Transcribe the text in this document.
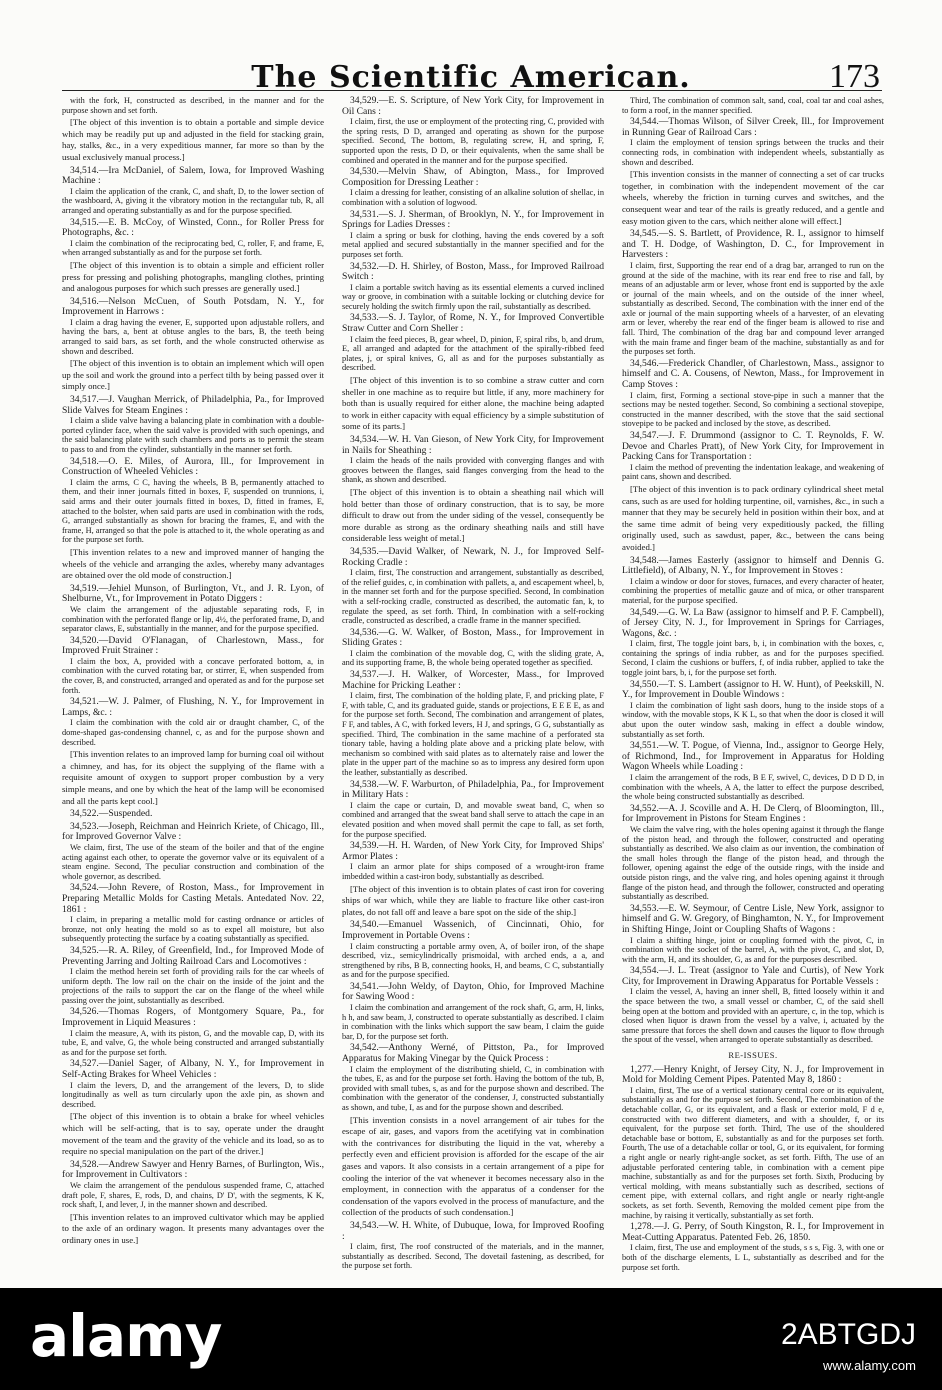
The Scientific American.	173

with the fork, H, constructed as described, in the manner and for the purpose shown and set forth.

[The object of this invention is to obtain a portable and simple device which may be readily put up and adjusted in the field for stacking grain, hay, stalks, &c., in a very expeditious manner, far more so than by the usual exclusively manual process.]

34,514.—Ira McDaniel, of Salem, Iowa, for Improved Washing Machine :

I claim the application of the crank, C, and shaft, D, to the lower section of the washboard, A, giving it the vibratory motion in the rectangular tub, R, all arranged and operating substantially as and for the purpose specified.

34,515.—E. B. McCoy, of Winsted, Conn., for Roller Press for Photographs, &c. :

I claim the combination of the reciprocating bed, C, roller, F, and frame, E, when arranged substantially as and for the purpose set forth.

[The object of this invention is to obtain a simple and efficient roller press for pressing and polishing photographs, mangling clothes, printing and analogous purposes for which such presses are generally used.]

34,516.—Nelson McCuen, of South Potsdam, N. Y., for Improvement in Harrows :

I claim a drag having the evener, E, supported upon adjustable rollers, and having the bars, a, bent at obtuse angles to the bars, B, the teeth being arranged to said bars, as set forth, and the whole constructed otherwise as shown and described.

[The object of this invention is to obtain an implement which will open up the soil and work the ground into a perfect tilth by being passed over it simply once.]

34,517.—J. Vaughan Merrick, of Philadelphia, Pa., for Improved Slide Valves for Steam Engines :

I claim a slide valve having a balancing plate in combination with a double-ported cylinder face, when the said valve is provided with such openings, and the said balancing plate with such chambers and ports as to permit the steam to pass to and from the cylinder, substantially in the manner set forth.

34,518.—O. E. Miles, of Aurora, Ill., for Improvement in Construction of Wheeled Vehicles :

I claim the arms, C C, having the wheels, B B, permanently attached to them, and their inner journals fitted in boxes, F, suspended on trunnions, i, said arms and their outer journals fitted in boxes, D, fitted in frames, E, attached to the bolster, when said parts are used in combination with the rods, G, arranged substantially as shown for bracing the frames, E, and with the frame, H, arranged so that the pole is attached to it, the whole operating as and for the purpose set forth.

[This invention relates to a new and improved manner of hanging the wheels of the vehicle and arranging the axles, whereby many advantages are obtained over the old mode of construction.]

34,519.—Jehiel Munson, of Burlington, Vt., and J. R. Lyon, of Shelburne, Vt., for Improvement in Potato Diggers :

We claim the arrangement of the adjustable separating rods, F, in combination with the perforated flange or lip, 4½, the perforated frame, D, and separator claws, E, substantially in the manner, and for the purpose specified.

34,520.—David O'Flanagan, of Charlestown, Mass., for Improved Fruit Strainer :

I claim the box, A, provided with a concave perforated bottom, a, in combination with the curved rotating bar, or stirrer, E, when suspended from the cover, B, and constructed, arranged and operated as and for the purpose set forth.

34,521.—W. J. Palmer, of Flushing, N. Y., for Improvement in Lamps, &c. :

I claim the combination with the cold air or draught chamber, C, of the dome-shaped gas-condensing channel, c, as and for the purpose shown and described.

[This invention relates to an improved lamp for burning coal oil without a chimney, and has, for its object the supplying of the flame with a requisite amount of oxygen to support proper combustion by a very simple means, and one by which the heat of the lamp will be economised and all the parts kept cool.]

34,522.—Suspended.

34,523.—Joseph, Reichman and Heinrich Kriete, of Chicago, Ill., for Improved Governor Valve :

We claim, first, The use of the steam of the boiler and that of the engine acting against each other, to operate the governor valve or its equivalent of a steam engine. Second, The peculiar construction and combination of the whole governor, as described.

34,524.—John Revere, of Roston, Mass., for Improvement in Preparing Metallic Molds for Casting Metals. Antedated Nov. 22, 1861 :

I claim, in preparing a metallic mold for casting ordnance or articles of bronze, not only heating the mold so as to expel all moisture, but also subsequently protecting the surface by a coating substantially as specified.

34,525.—R. A. Riley, of Greenfield, Ind., for Improved Mode of Preventing Jarring and Jolting Railroad Cars and Locomotives :

I claim the method herein set forth of providing rails for the car wheels of uniform depth. The low rail on the chair on the inside of the joint and the projections of the rails to support the car on the flange of the wheel while passing over the joint, substantially as described.

34,526.—Thomas Rogers, of Montgomery Square, Pa., for Improvement in Liquid Measures :

I claim the measure, A, with its piston, G, and the movable cap, D, with its tube, E, and valve, G, the whole being constructed and arranged substantially as and for the purpose set forth.

34,527.—Daniel Sager, of Albany, N. Y., for Improvement in Self-Acting Brakes for Wheel Vehicles :

I claim the levers, D, and the arrangement of the levers, D, to slide longitudinally as well as turn circularly upon the axle pin, as shown and described.

[The object of this invention is to obtain a brake for wheel vehicles which will be self-acting, that is to say, operate under the draught movement of the team and the gravity of the vehicle and its load, so as to require no special manipulation on the part of the driver.]

34,528.—Andrew Sawyer and Henry Barnes, of Burlington, Wis., for Improvement in Cultivators :

We claim the arrangement of the pendulous suspended frame, C, attached draft pole, F, shares, E, rods, D, and chains, D' D', with the segments, K K, rock shaft, I, and lever, J, in the manner shown and described.

[This invention relates to an improved cultivator which may be applied to the axle of an ordinary wagon. It presents many advantages over the ordinary ones in use.]

34,529.—E. S. Scripture, of New York City, for Improvement in Oil Cans :

I claim, first, the use or employment of the protecting ring, C, provided with the spring rests, D D, arranged and operating as shown for the purpose specified. Second, The bottom, B, regulating screw, H, and spring, F, supported upon the rests, D D, or their equivalents, when the same shall be combined and operated in the manner and for the purpose specified.

34,530.—Melvin Shaw, of Abington, Mass., for Improved Composition for Dressing Leather :

I claim a dressing for leather, consisting of an alkaline solution of shellac, in combination with a solution of logwood.

34,531.—S. J. Sherman, of Brooklyn, N. Y., for Improvement in Springs for Ladies Dresses :

I claim a spring or busk for clothing, having the ends covered by a soft metal applied and secured substantially in the manner specified and for the purposes set forth.

34,532.—D. H. Shirley, of Boston, Mass., for Improved Railroad Switch :

I claim a portable switch having as its essential elements a curved inclined way or groove, in combination with a suitable locking or clutching device for securely holding the switch firmly upon the rail, substantially as described.

34,533.—S. J. Taylor, of Rome, N. Y., for Improved Convertible Straw Cutter and Corn Sheller :

I claim the feed pieces, B, gear wheel, D, pinion, F, spiral ribs, b, and drum, E, all arranged and adapted for the attachment of the spirally-ribbed feed plates, j, or spiral knives, G, all as and for the purposes substantially as described.

[The object of this invention is to so combine a straw cutter and corn sheller in one machine as to require but little, if any, more machinery for both than is usually required for either alone, the machine being adapted to work in either capacity with equal efficiency by a simple substitution of some of its parts.]

34,534.—W. H. Van Gieson, of New York City, for Improvement in Nails for Sheathing :

I claim the heads of the nails provided with converging flanges and with grooves between the flanges, said flanges converging from the head to the shank, as shown and described.

[The object of this invention is to obtain a sheathing nail which will hold better than those of ordinary construction, that is to say, be more difficult to draw out from the under siding of the vessel, consequently be more durable as strong as the ordinary sheathing nails and still have considerable less weight of metal.]

34,535.—David Walker, of Newark, N. J., for Improved Self-Rocking Cradle :

I claim, first, The construction and arrangement, substantially as described, of the relief guides, c, in combination with pallets, a, and escapement wheel, b, in the manner set forth and for the purpose specified. Second, In combination with a self-rocking cradle, constructed as described, the automatic fan, k, to regulate the speed, as set forth. Third, In combination with a self-rocking cradle, constructed as described, a cradle frame in the manner specified.

34,536.—G. W. Walker, of Boston, Mass., for Improvement in Sliding Grates :

I claim the combination of the movable dog, C, with the sliding grate, A, and its supporting frame, B, the whole being operated together as specified.

34,537.—J. H. Walker, of Worcester, Mass., for Improved Machine for Pricking Leather :

I claim, first, The combination of the holding plate, F, and pricking plate, F F, with table, C, and its graduated guide, stands or projections, E E E E, as and for the purpose set forth. Second, The combination and arrangement of plates, F F, and tables, A C, with forked levers, H J, and springs, G G, substantially as specified. Third, The combination in the same machine of a perforated sta tionary table, having a holding plate above and a pricking plate below, with mechanism so combined with said plates as to alternately raise and lower the plate in the upper part of the machine so as to impress any desired form upon the leather, substantially as described.

34,538.—W. F. Warburton, of Philadelphia, Pa., for Improvement in Military Hats :

I claim the cape or curtain, D, and movable sweat band, C, when so combined and arranged that the sweat band shall serve to attach the cape in an elevated position and when moved shall permit the cape to fall, as set forth, for the purpose specified.

34,539.—H. H. Warden, of New York City, for Improved Ships' Armor Plates :

I claim an armor plate for ships composed of a wrought-iron frame imbedded within a cast-iron body, substantially as described.

[The object of this invention is to obtain plates of cast iron for covering ships of war which, while they are liable to fracture like other cast-iron plates, do not fall off and leave a bare spot on the side of the ship.]

34,540.—Emanuel Wassenich, of Cincinnati, Ohio, for Improvement in Portable Ovens :

I claim constructing a portable army oven, A, of boiler iron, of the shape described, viz., semicylindrically prismoidal, with arched ends, a a, and strengthened by ribs, B B, connecting hooks, H, and beams, C C, substantially as and for the purpose specified.

34,541.—John Weldy, of Dayton, Ohio, for Improved Machine for Sawing Wood :

I claim the combination and arrangement of the rock shaft, G, arm, H, links, h h, and saw beam, J, constructed to operate substantially as described. I claim in combination with the links which support the saw beam, I claim the guide bar, D, for the purpose set forth.

34,542.—Anthony Werné, of Pittston, Pa., for Improved Apparatus for Making Vinegar by the Quick Process :

I claim the employment of the distributing shield, C, in combination with the tubes, E, as and for the purpose set forth. Having the bottom of the tub, B, provided with small tubes, s, as and for the purpose shown and described. The combination with the generator of the condenser, J, constructed substantially as shown, and tube, I, as and for the purpose shown and described.

[This invention consists in a novel arrangement of air tubes for the escape of air, gases, and vapors from the acetifying vat in combination with the contrivances for distributing the liquid in the vat, whereby a perfectly even and efficient provision is afforded for the escape of the air gases and vapors. It also consists in a certain arrangement of a pipe for cooling the interior of the vat whenever it becomes necessary also in the employment, in connection with the apparatus of a condenser for the condensation of the vapors evolved in the process of manufacture, and the collection of the products of such condensation.]

34,543.—W. H. White, of Dubuque, Iowa, for Improved Roofing :

I claim, first, The roof constructed of the materials, and in the manner, substantially as described. Second, The dovetail fastening, as described, for the purpose set forth.

Third, The combination of common salt, sand, coal, coal tar and coal ashes, to form a roof, in the manner specified.

34,544.—Thomas Wilson, of Silver Creek, Ill., for Improvement in Running Gear of Railroad Cars :

I claim the employment of tension springs between the trucks and their connecting rods, in combination with independent wheels, substantially as shown and described.

[This invention consists in the manner of connecting a set of car trucks together, in combination with the independent movement of the car wheels, whereby the friction in turning curves and switches, and the consequent wear and tear of the rails is greatly reduced, and a gentle and easy motion given to the cars, which neither alone will effect.]

34,545.—S. S. Bartlett, of Providence, R. I., assignor to himself and T. H. Dodge, of Washington, D. C., for Improvement in Harvesters :

I claim, first, Supporting the rear end of a drag bar, arranged to run on the ground at the side of the machine, with its rear end free to rise and fall, by means of an adjustable arm or lever, whose front end is supported by the axle or journal of the main wheels, and on the outside of the inner wheel, substantially as described. Second, The combination with the inner end of the axle or journal of the main supporting wheels of a harvester, of an elevating arm or lever, whereby the rear end of the finger beam is allowed to rise and fall. Third, The combination of the drag bar and compound lever arranged with the main frame and finger beam of the machine, substantially as and for the purposes set forth.

34,546.—Frederick Chandler, of Charlestown, Mass., assignor to himself and C. A. Cousens, of Newton, Mass., for Improvement in Camp Stoves :

I claim, first, Forming a sectional stove-pipe in such a manner that the sections may be nested together. Second, So combining a sectional stovepipe, constructed in the manner described, with the stove that the said sectional stovepipe to be packed and inclosed by the stove, as described.

34,547.—J. F. Drummond (assignor to C. T. Reynolds, F. W. Devoe and Charles Pratt), of New York City, for Improvement in Packing Cans for Transportation :

I claim the method of preventing the indentation leakage, and weakening of paint cans, shown and described.

[The object of this invention is to pack ordinary cylindrical sheet metal cans, such as are used for holding turpentine, oil, varnishes, &c., in such a manner that they may be securely held in position within their box, and at the same time admit of being very expeditiously packed, the filling originally used, such as sawdust, paper, &c., between the cans being avoided.]

34,548.—James Easterly (assignor to himself and Dennis G. Littlefield), of Albany, N. Y., for Improvement in Stoves :

I claim a window or door for stoves, furnaces, and every character of heater, combining the properties of metallic gauze and of mica, or other transparent material, for the purpose specified.

34,549.—G. W. La Baw (assignor to himself and P. F. Campbell), of Jersey City, N. J., for Improvement in Springs for Carriages, Wagons, &c. :

I claim, first, The toggle joint bars, b, i, in combination with the boxes, c, containing the springs of india rubber, as and for the purposes specified. Second, I claim the cushions or buffers, f, of india rubber, applied to take the toggle joint bars, b, i, for the purpose set forth.

34,550.—T. S. Lambert (assignor to H. W. Hunt), of Peekskill, N. Y., for Improvement in Double Windows :

I claim the combination of light sash doors, hung to the inside stops of a window, with the movable stops, K K L, so that when the door is closed it will abut upon the outer window sash, making in effect a double window, substantially as set forth.

34,551.—W. T. Pogue, of Vienna, Ind., assignor to George Hely, of Richmond, Ind., for Improvement in Apparatus for Holding Wagon Wheels while Loading :

I claim the arrangement of the rods, B E F, swivel, C, devices, D D D D, in combination with the wheels, A A, the latter to effect the purpose described, the whole being constructed substantially as described.

34,552.—A. J. Scoville and A. H. De Clerq, of Bloomington, Ill., for Improvement in Pistons for Steam Engines :

We claim the valve ring, with the holes opening against it through the flange of the piston head, and through the follower, constructed and operating substantially as described. We also claim as our invention, the combination of the small holes through the flange of the piston head, and through the follower, opening against the edge of the outside rings, with the inside and outside piston rings, and the valve ring, and holes opening against it through flange of the piston head, and through the follower, constructed and operating substantially as described.

34,553.—E. W. Seymour, of Centre Lisle, New York, assignor to himself and G. W. Gregory, of Binghamton, N. Y., for Improvement in Shifting Hinge, Joint or Coupling Shafts of Wagons :

I claim a shifting hinge, joint or coupling formed with the pivot, C, in combination with the socket of the barrel, A, with the pivot, C, and slot, D, with the arm, H, and its shoulder, G, as and for the purposes described.

34,554.—J. L. Treat (assignor to Yale and Curtis), of New York City, for Improvement in Drawing Apparatus for Portable Vessels :

I claim the vessel, A, having an inner shell, B, fitted loosely within it and the space between the two, a small vessel or chamber, C, of the said shell being open at the bottom and provided with an aperture, c, in the top, which is closed when liquor is drawn from the vessel by a valve, i, actuated by the same pressure that forces the shell down and causes the liquor to flow through the spout of the vessel, when arranged to operate substantially as described.

RE-ISSUES.

1,277.—Henry Knight, of Jersey City, N. J., for Improvement in Mold for Molding Cement Pipes. Patented May 8, 1860 :

I claim, first, The use of a vertical stationary central core or its equivalent, substantially as and for the purpose set forth. Second, The combination of the detachable collar, G, or its equivalent, and a flask or exterior mold, F d e, constructed with two different diameters, and with a shoulder, f, or its equivalent, for the purpose set forth. Third, The use of the shouldered detachable base or bottom, E, substantially as and for the purposes set forth. Fourth, The use of a detachable collar or tool, G, or its equivalent, for forming a right angle or nearly right-angle socket, as set forth. Fifth, The use of an adjustable perforated centering table, in combination with a cement pipe machine, substantially as and for the purposes set forth. Sixth, Producing by vertical molding, with means substantially such as described, sections of cement pipe, with external collars, and right angle or nearly right-angle sockets, as set forth. Seventh, Removing the molded cement pipe from the machine, by raising it vertically, substantially as set forth.

1,278.—J. G. Perry, of South Kingston, R. I., for Improvement in Meat-Cutting Apparatus. Patented Feb. 26, 1850.

I claim, first, The use and employment of the studs, s s s, Fig. 3, with one or both of the discharge elements, L L, substantially as described and for the purpose set forth.

alamy	2ABTGDJ
www.alamy.com
